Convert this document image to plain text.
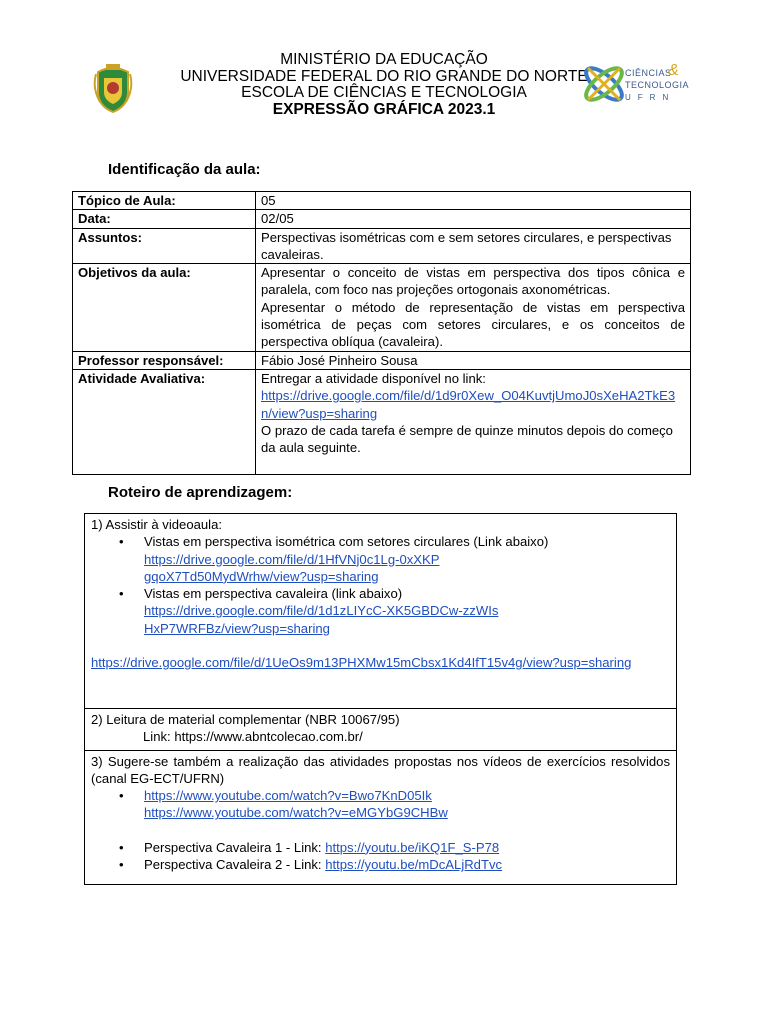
MINISTÉRIO DA EDUCAÇÃO
UNIVERSIDADE FEDERAL DO RIO GRANDE DO NORTE
ESCOLA DE CIÊNCIAS E TECNOLOGIA
EXPRESSÃO GRÁFICA 2023.1
CIÊNCIAS
&
TECNOLOGIA
UFRN
Identificação da aula:
Tópico de Aula:	05
Data:	02/05
Assuntos:	Perspectivas isométricas com e sem setores circulares, e perspectivas cavaleiras.
Objetivos da aula:	Apresentar o conceito de vistas em perspectiva dos tipos cônica e paralela, com foco nas projeções ortogonais axonométricas.
Apresentar o método de representação de vistas em perspectiva isométrica de peças com setores circulares, e os conceitos de perspectiva oblíqua (cavaleira).

Professor responsável:	Fábio José Pinheiro Sousa
Atividade Avaliativa:	Entregar a atividade disponível no link:
https://drive.google.com/file/d/1d9r0Xew_O04KuvtjUmoJ0sXeHA2TkE3n/view?usp=sharing
O prazo de cada tarefa é sempre de quinze minutos depois do começo da aula seguinte.
Roteiro de aprendizagem:
1) Assistir à videoaula:
• Vistas em perspectiva isométrica com setores circulares (Link abaixo)

https://drive.google.com/file/d/1HfVNj0c1Lg-0xXKPgqoX7Td50MydWrhw/view?usp=sharing
• Vistas em perspectiva cavaleira (link abaixo)

https://drive.google.com/file/d/1d1zLIYcC-XK5GBDCw-zzWIsHxP7WRFBz/view?usp=sharing
https://drive.google.com/file/d/1UeOs9m13PHXMw15mCbsx1Kd4IfT15v4g/view?usp=sharing
2) Leitura de material complementar (NBR 10067/95)
Link: https://www.abntcolecao.com.br/
3) Sugere-se também a realização das atividades propostas nos vídeos de exercícios resolvidos (canal EG-ECT/UFRN)
• https://www.youtube.com/watch?v=Bwo7KnD05Ik
https://www.youtube.com/watch?v=eMGYbG9CHBw
• Perspectiva Cavaleira 1 - Link: https://youtu.be/iKQ1F_S-P78
• Perspectiva Cavaleira 2 - Link: https://youtu.be/mDcALjRdTvc
